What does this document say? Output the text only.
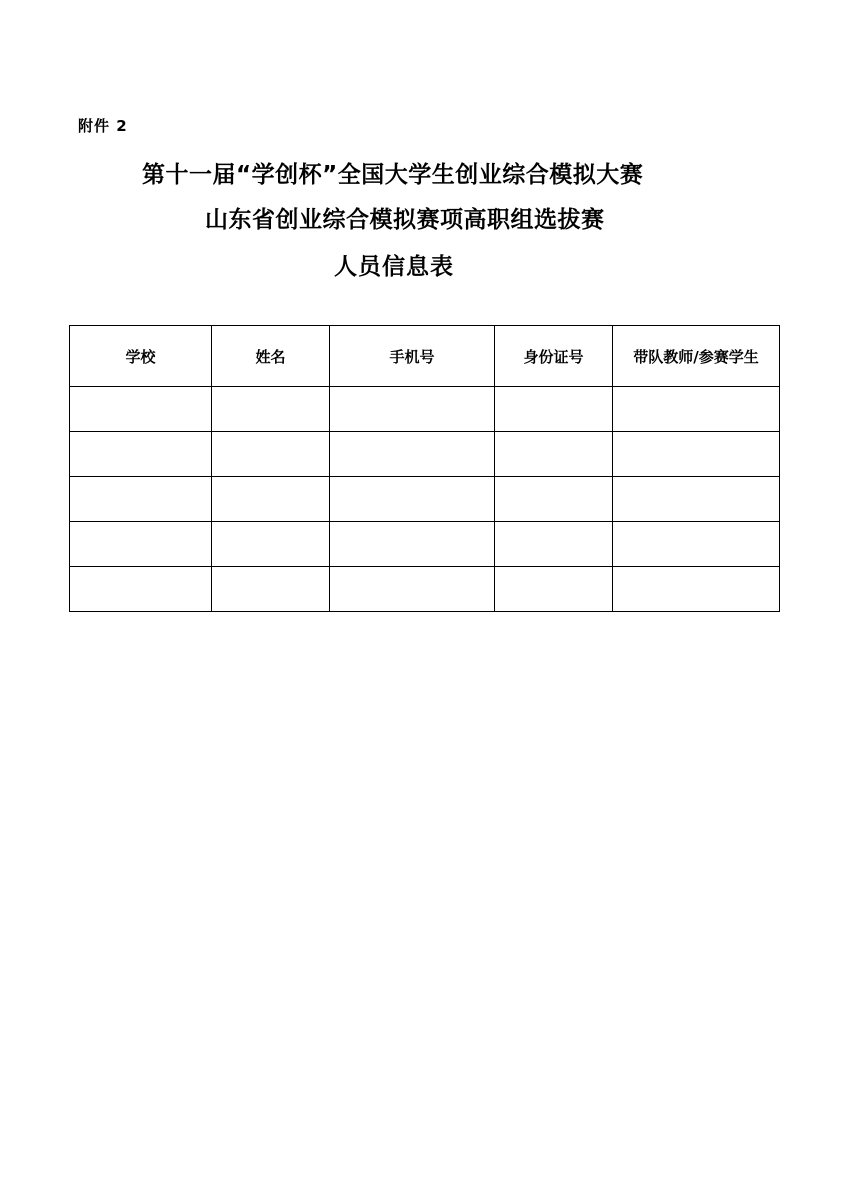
附件 2
第十一届“学创杯”全国大学生创业综合模拟大赛
山东省创业综合模拟赛项高职组选拔赛
人员信息表
学校	姓名	手机号	身份证号	带队教师/参赛学生
